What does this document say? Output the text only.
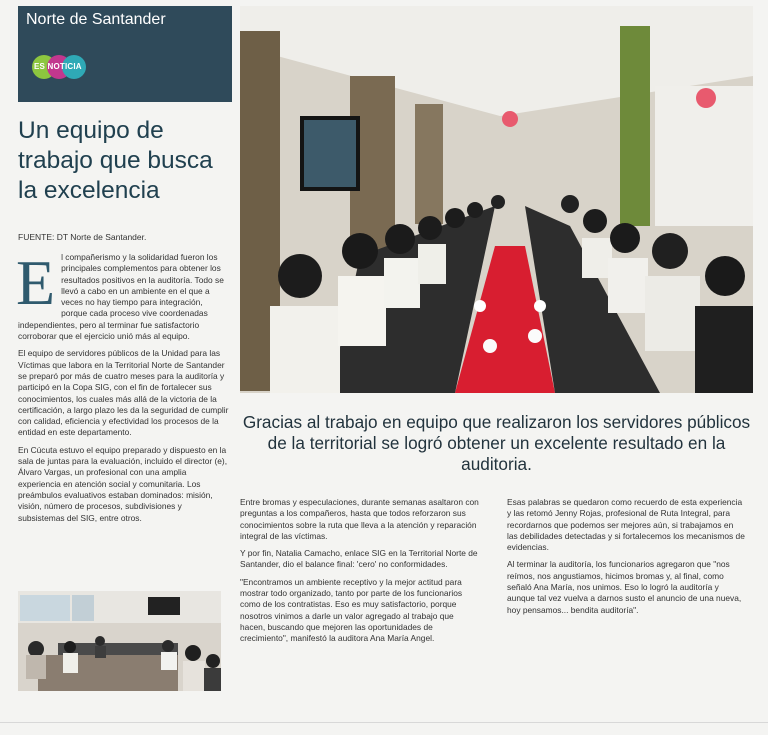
Norte de Santander
ES NOTICIA
Un equipo de trabajo que busca la excelencia
FUENTE: DT Norte de Santander.

El compañerismo y la solidaridad fueron los principales complementos para obtener los resultados positivos en la auditoría. Todo se llevó a cabo en un ambiente en el que a veces no hay tiempo para integración, porque cada proceso vive coordenadas independientes, pero al terminar fue satisfactorio corroborar que el ejercicio unió más al equipo.

El equipo de servidores públicos de la Unidad para las Víctimas que labora en la Territorial Norte de Santander se preparó por más de cuatro meses para la auditoría y participó en la Copa SIG, con el fin de fortalecer sus conocimientos, los cuales más allá de la victoria de la certificación, a largo plazo les da la seguridad de cumplir con calidad, eficiencia y efectividad los procesos de la entidad en este departamento.

En Cúcuta estuvo el equipo preparado y dispuesto en la sala de juntas para la evaluación, incluido el director (e), Álvaro Vargas, un profesional con una amplia experiencia en atención social y comunitaria. Los preámbulos evaluativos estaban dominados: misión, visión, número de procesos, subdivisiones y subsistemas del SIG, entre otros.

Gracias al trabajo en equipo que realizaron los servidores públicos de la territorial se logró obtener un excelente resultado en la auditoria.

Entre bromas y especulaciones, durante semanas asaltaron con preguntas a los compañeros, hasta que todos reforzaron sus conocimientos sobre la ruta que lleva a la atención y reparación integral de las víctimas.

Y por fin, Natalia Camacho, enlace SIG en la Territorial Norte de Santander, dio el balance final: 'cero' no conformidades.

"Encontramos un ambiente receptivo y la mejor actitud para mostrar todo organizado, tanto por parte de los funcionarios como de los contratistas. Eso es muy satisfactorio, porque nosotros vinimos a darle un valor agregado al trabajo que hacen, buscando que mejoren las oportunidades de crecimiento", manifestó la auditora Ana María Angel.

Esas palabras se quedaron como recuerdo de esta experiencia y las retomó Jenny Rojas, profesional de Ruta Integral, para recordarnos que podemos ser mejores aún, si trabajamos en las debilidades detectadas y si fortalecemos los mecanismos de evidencias.

Al terminar la auditoría, los funcionarios agregaron que "nos reímos, nos angustiamos, hicimos bromas y, al final, como señaló Ana María, nos unimos. Eso lo logró la auditoría y aunque tal vez vuelva a darnos susto el anuncio de una nueva, hoy pensamos... bendita auditoría".
